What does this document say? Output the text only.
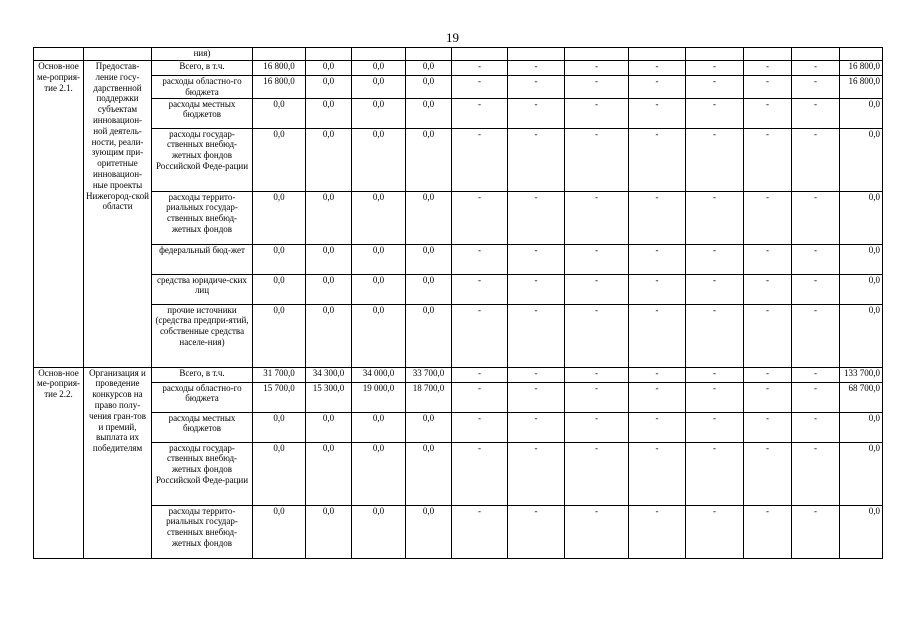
19
		ния)												
Основ-ное ме-роприя-тие 2.1.	Предостав-ление госу-дарственной поддержки субъектам инновацион-ной деятель-ности, реали-зующим при-оритетные инновацион-ные проекты Нижегород-ской области	Всего, в т.ч.	16 800,0	0,0	0,0	0,0	-	-	-	-	-	-	-	16 800,0
		расходы областно-го бюджета	16 800,0	0,0	0,0	0,0	-	-	-	-	-	-	-	16 800,0
		расходы местных бюджетов	0,0	0,0	0,0	0,0	-	-	-	-	-	-	-	0,0
		расходы государ-ственных внебюд-жетных фондов Российской Феде-рации	0,0	0,0	0,0	0,0	-	-	-	-	-	-	-	0,0
		расходы террито-риальных государ-ственных внебюд-жетных фондов	0,0	0,0	0,0	0,0	-	-	-	-	-	-	-	0,0
		федеральный бюд-жет	0,0	0,0	0,0	0,0	-	-	-	-	-	-	-	0,0
		средства юридиче-ских лиц	0,0	0,0	0,0	0,0	-	-	-	-	-	-	-	0,0
		прочие источники (средства предпри-ятий, собственные средства населе-ния)	0,0	0,0	0,0	0,0	-	-	-	-	-	-	-	0,0
Основ-ное ме-роприя-тие 2.2.	Организация и проведение конкурсов на право полу-чения гран-тов и премий, выплата их победителям	Всего, в т.ч.	31 700,0	34 300,0	34 000,0	33 700,0	-	-	-	-	-	-	-	133 700,0
		расходы областно-го бюджета	15 700,0	15 300,0	19 000,0	18 700,0	-	-	-	-	-	-	-	68 700,0
		расходы местных бюджетов	0,0	0,0	0,0	0,0	-	-	-	-	-	-	-	0,0
		расходы государ-ственных внебюд-жетных фондов Российской Феде-рации	0,0	0,0	0,0	0,0	-	-	-	-	-	-	-	0,0
		расходы террито-риальных государ-ственных внебюд-жетных фондов	0,0	0,0	0,0	0,0	-	-	-	-	-	-	-	0,0
